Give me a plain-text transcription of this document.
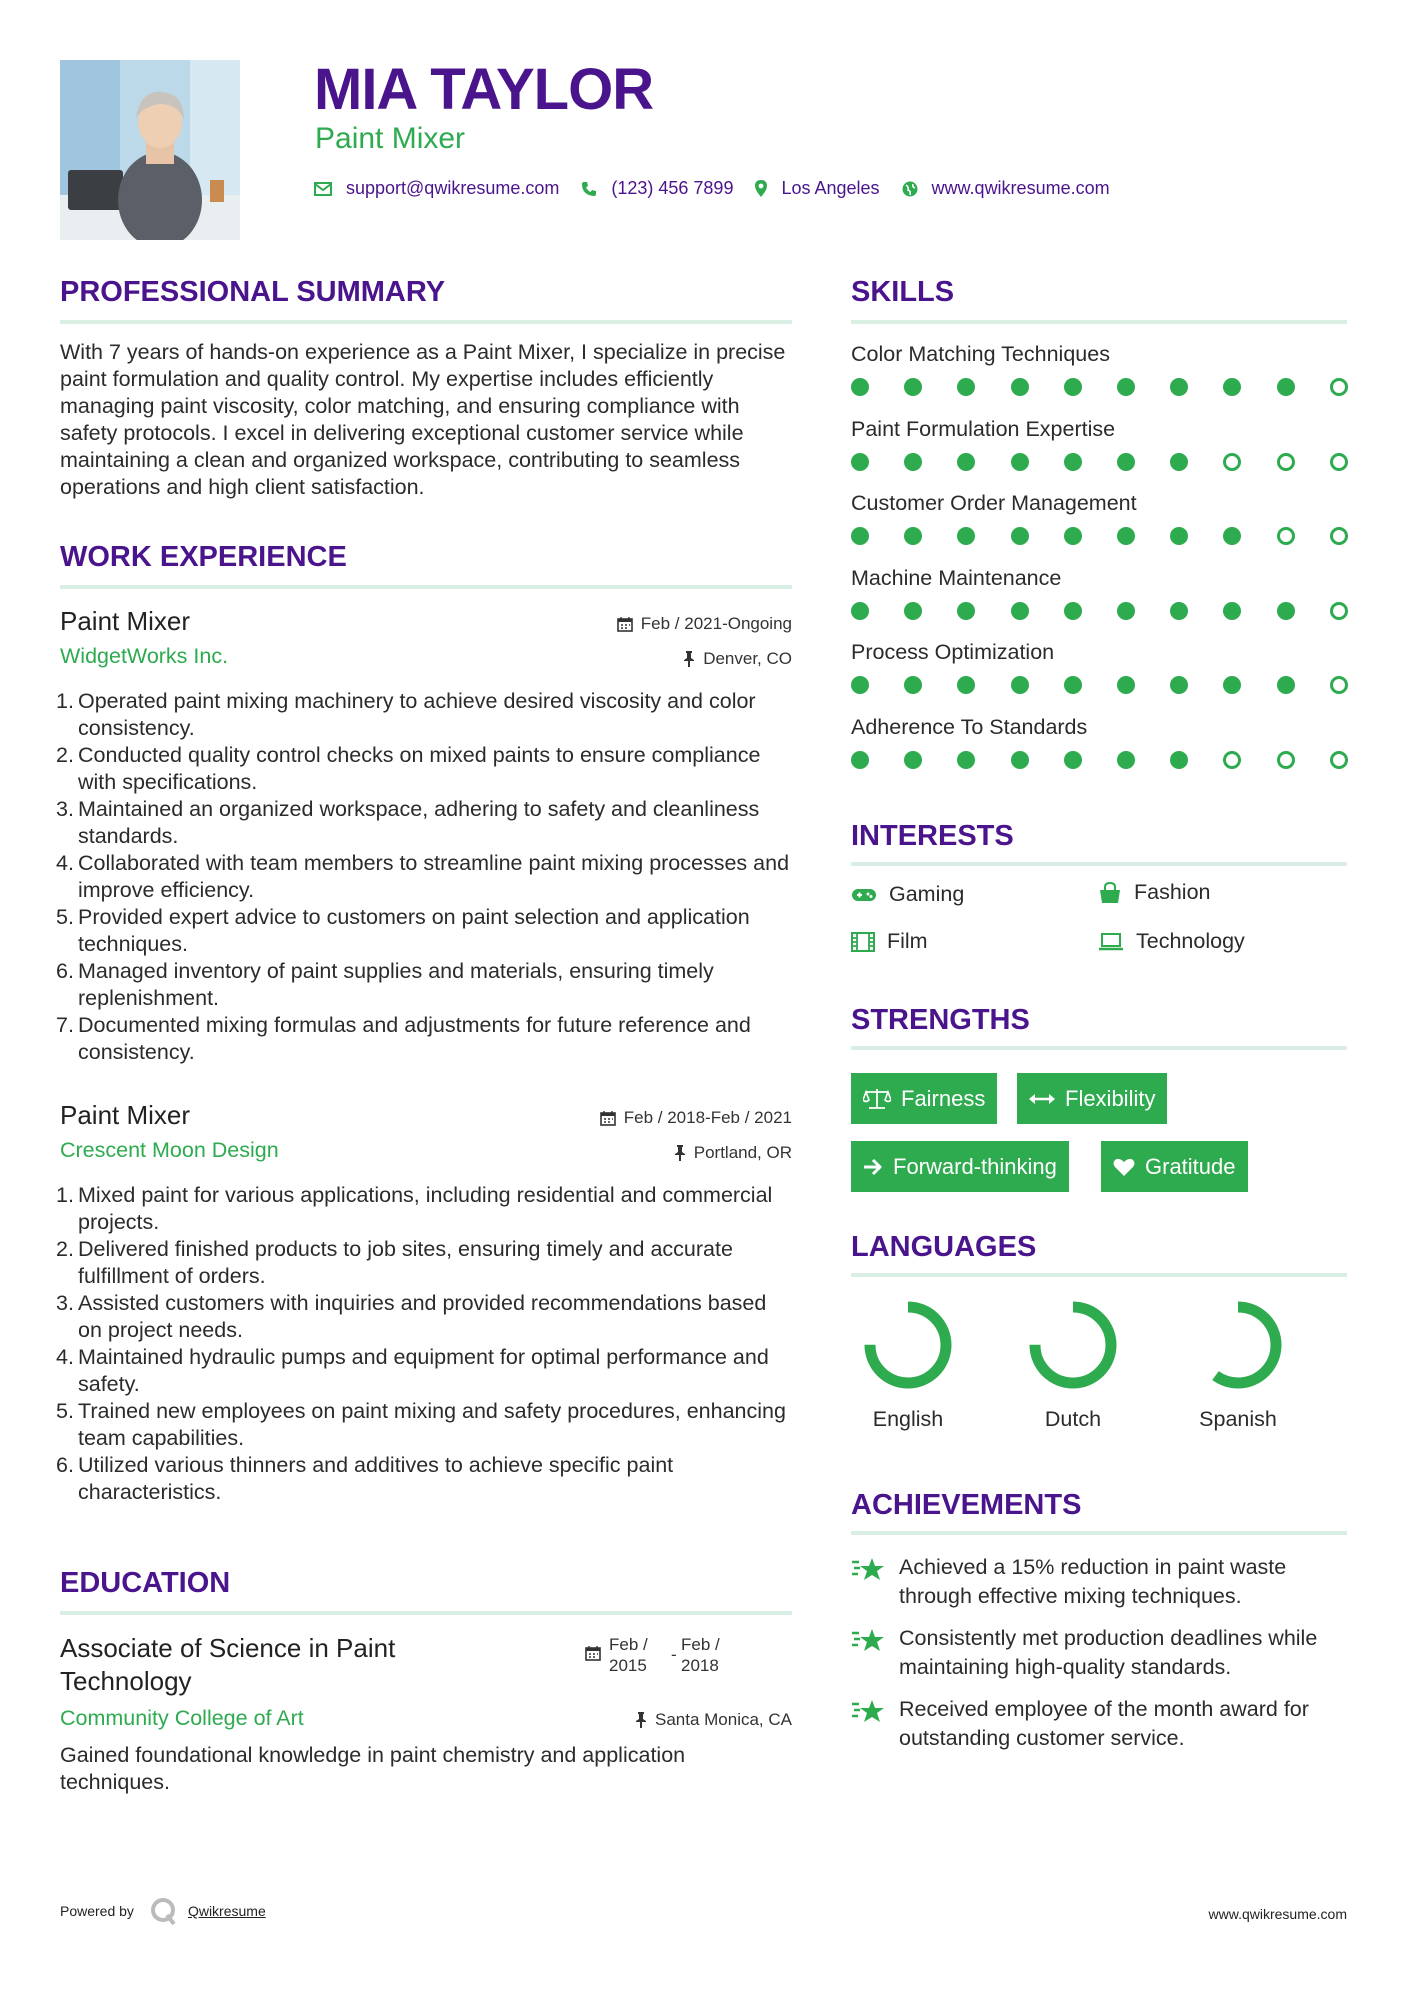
MIA TAYLOR
Paint Mixer
support@qwikresume.com	(123) 456 7899	Los Angeles	www.qwikresume.com
PROFESSIONAL SUMMARY
With 7 years of hands-on experience as a Paint Mixer, I specialize in precise paint formulation and quality control. My expertise includes efficiently managing paint viscosity, color matching, and ensuring compliance with safety protocols. I excel in delivering exceptional customer service while maintaining a clean and organized workspace, contributing to seamless operations and high client satisfaction.
WORK EXPERIENCE
Paint Mixer	Feb / 2021-Ongoing
WidgetWorks Inc.	Denver, CO
1. Operated paint mixing machinery to achieve desired viscosity and color consistency.
2. Conducted quality control checks on mixed paints to ensure compliance with specifications.
3. Maintained an organized workspace, adhering to safety and cleanliness standards.
4. Collaborated with team members to streamline paint mixing processes and improve efficiency.
5. Provided expert advice to customers on paint selection and application techniques.
6. Managed inventory of paint supplies and materials, ensuring timely replenishment.
7. Documented mixing formulas and adjustments for future reference and consistency.
Paint Mixer	Feb / 2018-Feb / 2021
Crescent Moon Design	Portland, OR
1. Mixed paint for various applications, including residential and commercial projects.
2. Delivered finished products to job sites, ensuring timely and accurate fulfillment of orders.
3. Assisted customers with inquiries and provided recommendations based on project needs.
4. Maintained hydraulic pumps and equipment for optimal performance and safety.
5. Trained new employees on paint mixing and safety procedures, enhancing team capabilities.
6. Utilized various thinners and additives to achieve specific paint characteristics.
EDUCATION
Associate of Science in Paint
Technology
Feb /
2015
-
Feb /
2018
Community College of Art	Santa Monica, CA
Gained foundational knowledge in paint chemistry and application techniques.
SKILLS
Color Matching Techniques
Paint Formulation Expertise
Customer Order Management
Machine Maintenance
Process Optimization
Adherence To Standards
INTERESTS
Gaming	Fashion
Film	Technology
STRENGTHS
Fairness	Flexibility
Forward-thinking	Gratitude
LANGUAGES
English	Dutch	Spanish
ACHIEVEMENTS
Achieved a 15% reduction in paint waste through effective mixing techniques.
Consistently met production deadlines while maintaining high-quality standards.
Received employee of the month award for outstanding customer service.
Powered by	Qwikresume	www.qwikresume.com
